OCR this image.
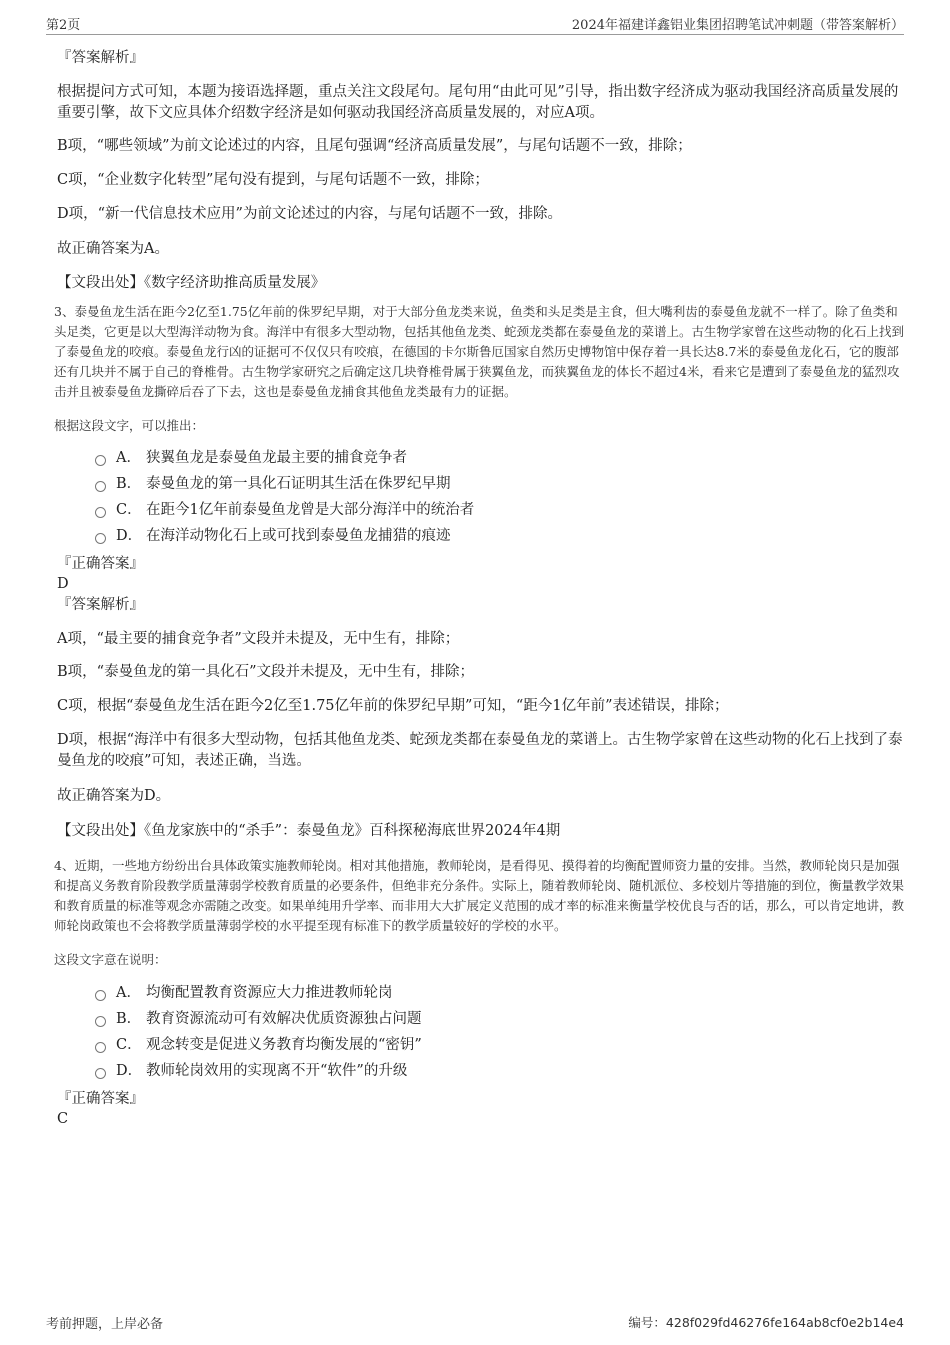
第2页	2024年福建详鑫铝业集团招聘笔试冲刺题（带答案解析）

『答案解析』

根据提问方式可知，本题为接语选择题，重点关注文段尾句。尾句用“由此可见”引导，指出数字经济成为驱动我国经济高质量发展的重要引擎，故下文应具体介绍数字经济是如何驱动我国经济高质量发展的，对应A项。

B项，“哪些领域”为前文论述过的内容，且尾句强调“经济高质量发展”，与尾句话题不一致，排除；

C项，“企业数字化转型”尾句没有提到，与尾句话题不一致，排除；

D项，“新一代信息技术应用”为前文论述过的内容，与尾句话题不一致，排除。

故正确答案为A。

【文段出处】《数字经济助推高质量发展》

3、泰曼鱼龙生活在距今2亿至1.75亿年前的侏罗纪早期，对于大部分鱼龙类来说，鱼类和头足类是主食，但大嘴利齿的泰曼鱼龙就不一样了。除了鱼类和头足类，它更是以大型海洋动物为食。海洋中有很多大型动物，包括其他鱼龙类、蛇颈龙类都在泰曼鱼龙的菜谱上。古生物学家曾在这些动物的化石上找到了泰曼鱼龙的咬痕。泰曼鱼龙行凶的证据可不仅仅只有咬痕，在德国的卡尔斯鲁厄国家自然历史博物馆中保存着一具长达8.7米的泰曼鱼龙化石，它的腹部还有几块并不属于自己的脊椎骨。古生物学家研究之后确定这几块脊椎骨属于狭翼鱼龙，而狭翼鱼龙的体长不超过4米，看来它是遭到了泰曼鱼龙的猛烈攻击并且被泰曼鱼龙撕碎后吞了下去，这也是泰曼鱼龙捕食其他鱼龙类最有力的证据。

根据这段文字，可以推出：

A． 狭翼鱼龙是泰曼鱼龙最主要的捕食竞争者
B． 泰曼鱼龙的第一具化石证明其生活在侏罗纪早期
C． 在距今1亿年前泰曼鱼龙曾是大部分海洋中的统治者
D． 在海洋动物化石上或可找到泰曼鱼龙捕猎的痕迹

『正确答案』

D

『答案解析』

A项，“最主要的捕食竞争者”文段并未提及，无中生有，排除；

B项，“泰曼鱼龙的第一具化石”文段并未提及，无中生有，排除；

C项，根据“泰曼鱼龙生活在距今2亿至1.75亿年前的侏罗纪早期”可知，“距今1亿年前”表述错误，排除；

D项，根据“海洋中有很多大型动物，包括其他鱼龙类、蛇颈龙类都在泰曼鱼龙的菜谱上。古生物学家曾在这些动物的化石上找到了泰曼鱼龙的咬痕”可知，表述正确，当选。

故正确答案为D。

【文段出处】《鱼龙家族中的“杀手”：泰曼鱼龙》百科探秘海底世界2024年4期

4、近期，一些地方纷纷出台具体政策实施教师轮岗。相对其他措施，教师轮岗，是看得见、摸得着的均衡配置师资力量的安排。当然，教师轮岗只是加强和提高义务教育阶段教学质量薄弱学校教育质量的必要条件，但绝非充分条件。实际上，随着教师轮岗、随机派位、多校划片等措施的到位，衡量教学效果和教育质量的标准等观念亦需随之改变。如果单纯用升学率、而非用大大扩展定义范围的成才率的标准来衡量学校优良与否的话，那么，可以肯定地讲，教师轮岗政策也不会将教学质量薄弱学校的水平提至现有标准下的教学质量较好的学校的水平。

这段文字意在说明：

A． 均衡配置教育资源应大力推进教师轮岗
B． 教育资源流动可有效解决优质资源独占问题
C． 观念转变是促进义务教育均衡发展的“密钥”
D． 教师轮岗效用的实现离不开“软件”的升级

『正确答案』

C

考前押题，上岸必备	编号：428f029fd46276fe164ab8cf0e2b14e4
